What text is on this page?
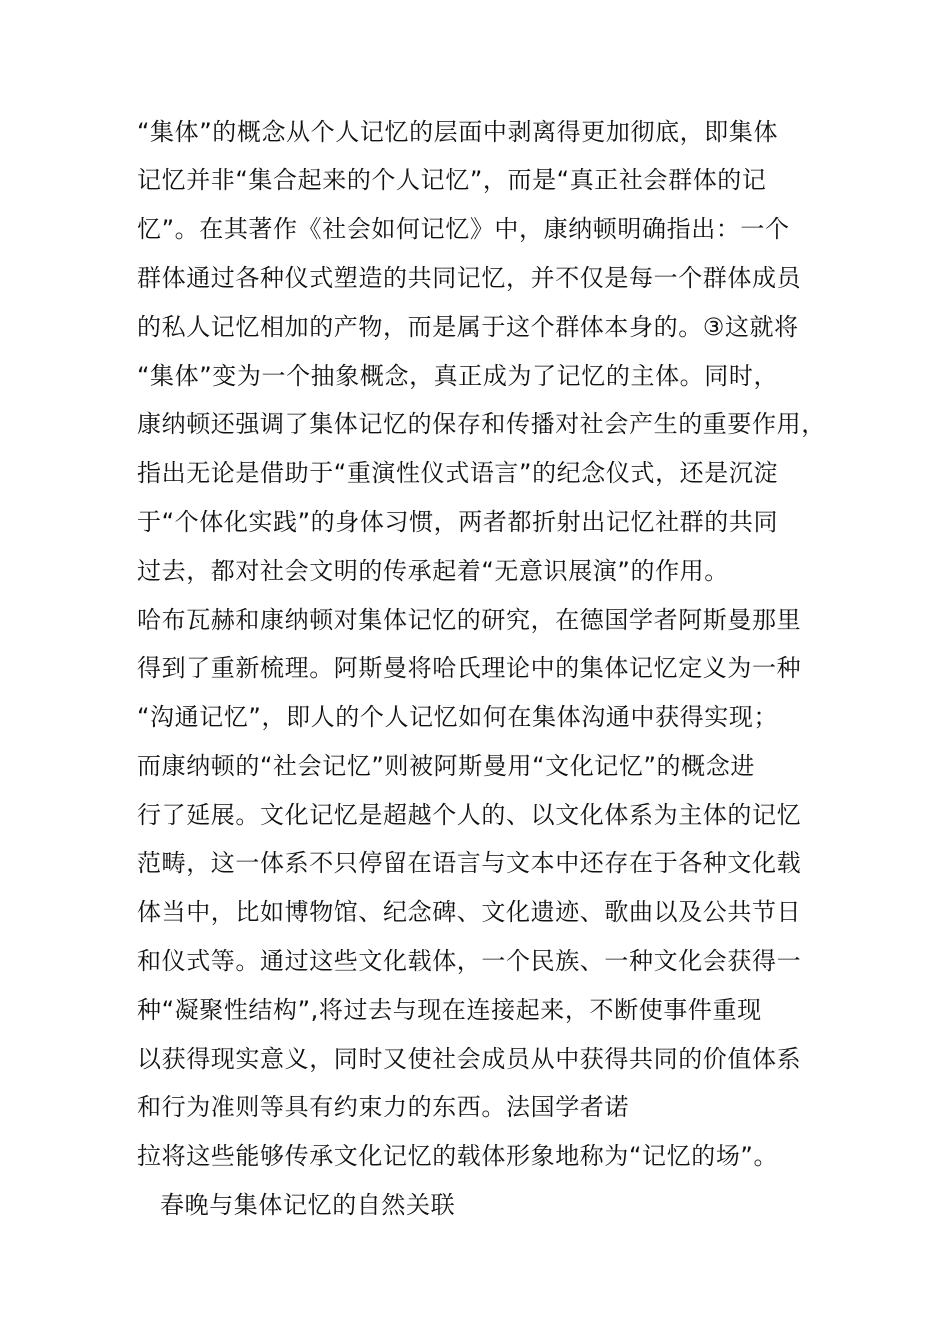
“集体”的概念从个人记忆的层面中剥离得更加彻底，即集体
记忆并非“集合起来的个人记忆”，而是“真正社会群体的记
忆”。在其著作《社会如何记忆》中，康纳顿明确指出：一个
群体通过各种仪式塑造的共同记忆，并不仅是每一个群体成员
的私人记忆相加的产物，而是属于这个群体本身的。③这就将
“集体”变为一个抽象概念，真正成为了记忆的主体。同时，
康纳顿还强调了集体记忆的保存和传播对社会产生的重要作用，
指出无论是借助于“重演性仪式语言”的纪念仪式，还是沉淀
于“个体化实践”的身体习惯，两者都折射出记忆社群的共同
过去，都对社会文明的传承起着“无意识展演”的作用。
哈布瓦赫和康纳顿对集体记忆的研究，在德国学者阿斯曼那里
得到了重新梳理。阿斯曼将哈氏理论中的集体记忆定义为一种
“沟通记忆”，即人的个人记忆如何在集体沟通中获得实现；
而康纳顿的“社会记忆”则被阿斯曼用“文化记忆”的概念进
行了延展。文化记忆是超越个人的、以文化体系为主体的记忆
范畴，这一体系不只停留在语言与文本中还存在于各种文化载
体当中，比如博物馆、纪念碑、文化遗迹、歌曲以及公共节日
和仪式等。通过这些文化载体，一个民族、一种文化会获得一
种“凝聚性结构”,将过去与现在连接起来，不断使事件重现
以获得现实意义，同时又使社会成员从中获得共同的价值体系
和行为准则等具有约束力的东西。法国学者诺
拉将这些能够传承文化记忆的载体形象地称为“记忆的场”。
春晚与集体记忆的自然关联
